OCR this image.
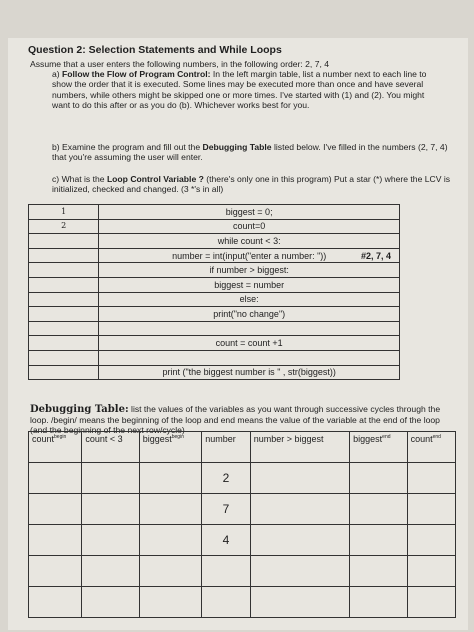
Question 2: Selection Statements and While Loops
Assume that a user enters the following numbers, in the following order: 2, 7, 4
a) Follow the Flow of Program Control: In the left margin table, list a number next to each line to show the order that it is executed. Some lines may be executed more than once and have several numbers, while others might be skipped one or more times. I've started with (1) and (2). You might want to do this after or as you do (b). Whichever works best for you.
b) Examine the program and fill out the Debugging Table listed below. I've filled in the numbers (2, 7, 4) that you're assuming the user will enter.
c) What is the Loop Control Variable ? (there's only one in this program) Put a star (*) where the LCV is initialized, checked and changed. (3 *'s in all)
1	biggest = 0;
2	count=0
	while count < 3:
	number = int(input("enter a number: ")) #2, 7, 4

	if number > biggest:
	biggest = number
	else:
	print("no change")

	count = count +1

	print ("the biggest number is " , str(biggest))
Debugging Table: list the values of the variables as you want through successive cycles through the loop. /begin/ means the beginning of the loop and end means the value of the variable at the end of the loop (and the beginning of the next row/cycle)
count$^{begin}$	count < 3	biggest$^{begin}$	number	number > biggest	biggest$^{end}$	count$^{end}$
			2			
			7			
			4			
